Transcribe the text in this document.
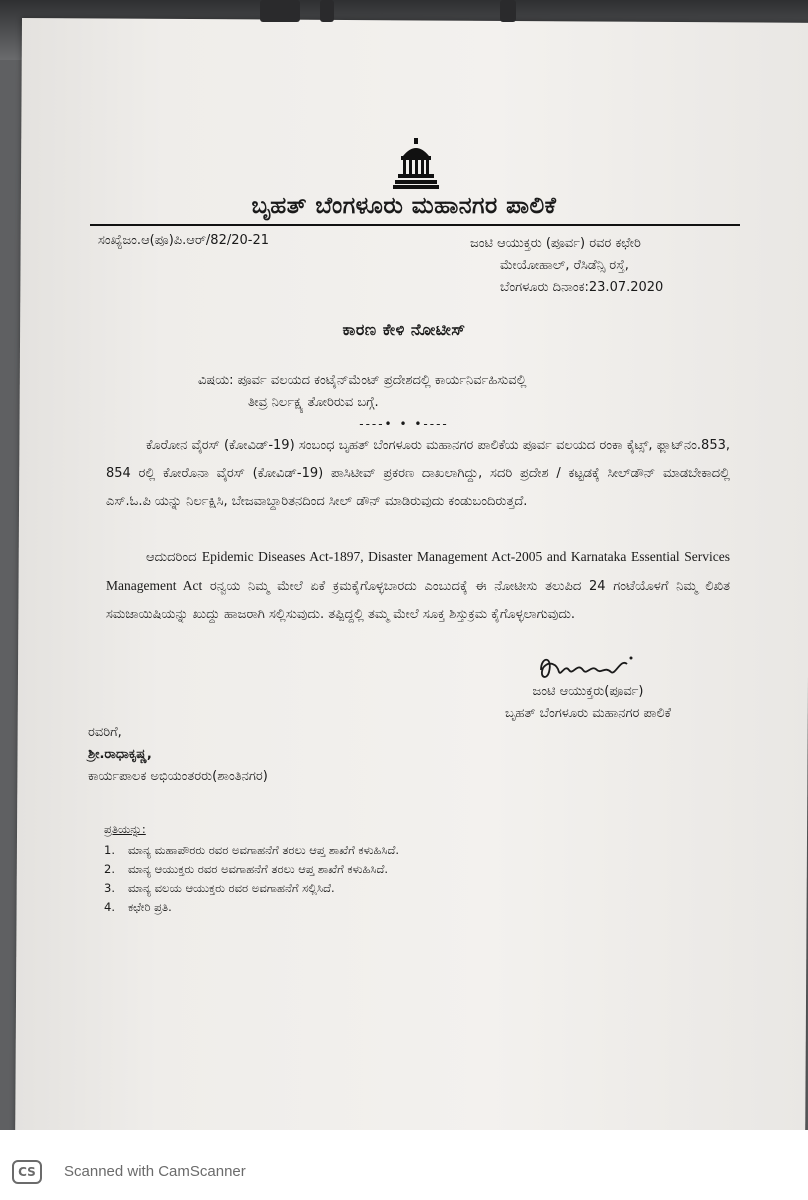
ಬೃಹತ್ ಬೆಂಗಳೂರು ಮಹಾನಗರ ಪಾಲಿಕೆ
ಸಂಖ್ಯೆಜಂ.ಆ(ಪೂ)ಪಿ.ಆರ್/82/20-21	ಜಂಟಿ ಆಯುಕ್ತರು (ಪೂರ್ವ) ರವರ ಕಛೇರಿ
ಮೇಯೋಹಾಲ್, ರೆಸಿಡೆನ್ಸಿ ರಸ್ತೆ,
ಬೆಂಗಳೂರು ದಿನಾಂಕ:23.07.2020
ಕಾರಣ ಕೇಳಿ ನೋಟೀಸ್
ವಿಷಯ: ಪೂರ್ವ ವಲಯದ ಕಂಟೈನ್‌ಮೆಂಟ್ ಪ್ರದೇಶದಲ್ಲಿ ಕಾರ್ಯನಿರ್ವಹಿಸುವಲ್ಲಿ
ತೀವ್ರ ನಿರ್ಲಕ್ಷ್ಯ ತೋರಿರುವ ಬಗ್ಗೆ.
----• • •----
ಕೊರೋನ ವೈರಸ್ (ಕೋವಿಡ್-19) ಸಂಬಂಧ ಬೃಹತ್ ಬೆಂಗಳೂರು ಮಹಾನಗರ ಪಾಲಿಕೆಯ ಪೂರ್ವ ವಲಯದ ರಂಕಾ ಕೈಟ್ಸ್, ಫ್ಲಾಟ್‌ನಂ.853, 854 ರಲ್ಲಿ ಕೋರೊನಾ ವೈರಸ್ (ಕೋವಿಡ್-19) ಪಾಸಿಟೀವ್ ಪ್ರಕರಣ ದಾಖಲಾಗಿದ್ದು, ಸದರಿ ಪ್ರದೇಶ / ಕಟ್ಟಡಕ್ಕೆ ಸೀಲ್‌ಡೌನ್ ಮಾಡಬೇಕಾದಲ್ಲಿ ಎಸ್.ಓ.ಪಿ ಯನ್ನು ನಿರ್ಲಕ್ಷಿಸಿ, ಬೇಜವಾಬ್ದಾರಿತನದಿಂದ ಸೀಲ್ ಡೌನ್ ಮಾಡಿರುವುದು ಕಂಡುಬಂದಿರುತ್ತದೆ.
ಆದುದರಿಂದ Epidemic Diseases Act-1897, Disaster Management Act-2005 and Karnataka Essential Services Management Act ರನ್ವಯ ನಿಮ್ಮ ಮೇಲೆ ಏಕೆ ಕ್ರಮಕೈಗೊಳ್ಳಬಾರದು ಎಂಬುದಕ್ಕೆ ಈ ನೋಟೀಸು ತಲುಪಿದ 24 ಗಂಟೆಯೊಳಗೆ ನಿಮ್ಮ ಲಿಖಿತ ಸಮಜಾಯಿಷಿಯನ್ನು ಖುದ್ದು ಹಾಜರಾಗಿ ಸಲ್ಲಿಸುವುದು. ತಪ್ಪಿದ್ದಲ್ಲಿ ತಮ್ಮ ಮೇಲೆ ಸೂಕ್ತ ಶಿಸ್ತುಕ್ರಮ ಕೈಗೊಳ್ಳಲಾಗುವುದು.
ಜಂಟಿ ಆಯುಕ್ತರು(ಪೂರ್ವ)
ಬೃಹತ್ ಬೆಂಗಳೂರು ಮಹಾನಗರ ಪಾಲಿಕೆ
ರವರಿಗೆ,
ಶ್ರೀ.ರಾಧಾಕೃಷ್ಣ,
ಕಾರ್ಯಪಾಲಕ ಅಭಿಯಂತರರು(ಶಾಂತಿನಗರ)
ಪ್ರತಿಯನ್ನು:
1.	ಮಾನ್ಯ ಮಹಾಪೌರರು ರವರ ಅವಗಾಹನೆಗೆ ತರಲು ಆಪ್ತ ಶಾಖೆಗೆ ಕಳುಹಿಸಿದೆ.
2.	ಮಾನ್ಯ ಆಯುಕ್ತರು ರವರ ಅವಗಾಹನೆಗೆ ತರಲು ಆಪ್ತ ಶಾಖೆಗೆ ಕಳುಹಿಸಿದೆ.
3.	ಮಾನ್ಯ ವಲಯ ಆಯುಕ್ತರು ರವರ ಅವಗಾಹನೆಗೆ ಸಲ್ಲಿಸಿದೆ.
4.	ಕಛೇರಿ ಪ್ರತಿ.
CS	Scanned with CamScanner
